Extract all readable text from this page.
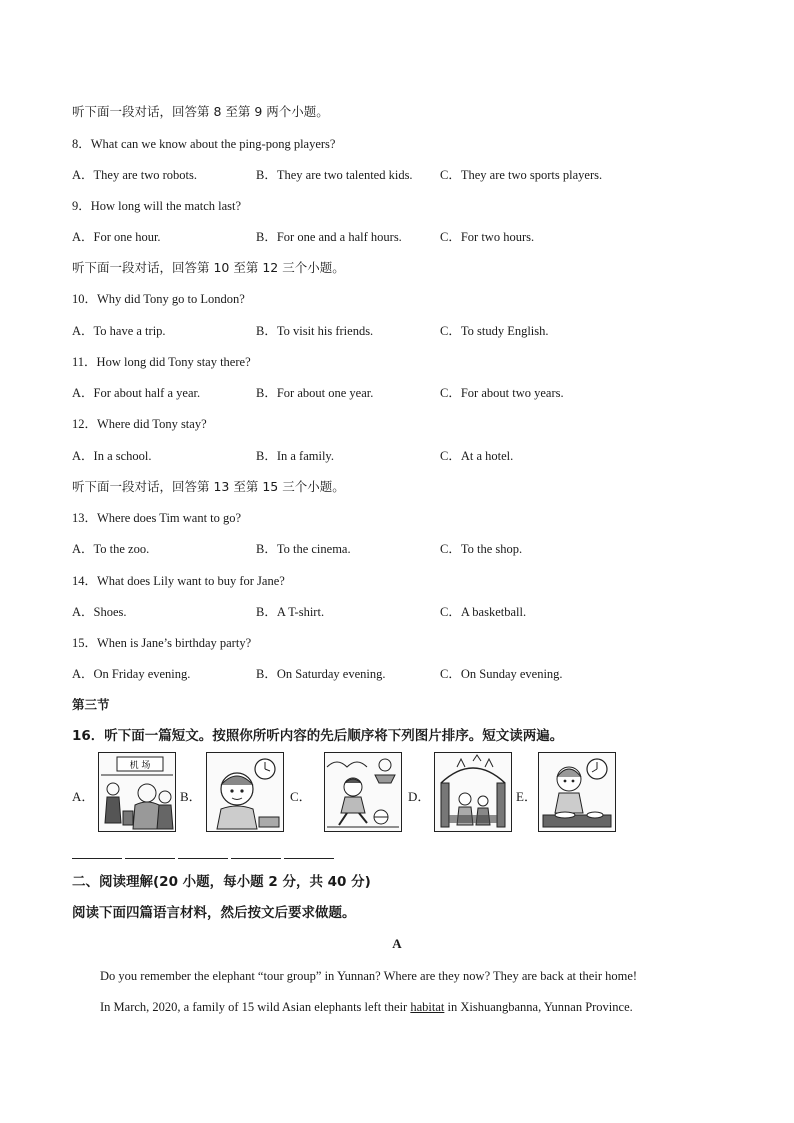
听下面一段对话，回答第 8 至第 9 两个小题。
8．What can we know about the ping-pong players?
A．They are two robots.	B．They are two talented kids. C．They are two sports players.
9．How long will the match last?
A．For one hour.	B．For one and a half hours.	C．For two hours.
听下面一段对话，回答第 10 至第 12 三个小题。
10．Why did Tony go to London?
A．To have a trip.	B．To visit his friends.	C．To study English.
11．How long did Tony stay there?
A．For about half a year.	B．For about one year.	C．For about two years.
12．Where did Tony stay?
A．In a school.	B．In a family.	C．At a hotel.
听下面一段对话，回答第 13 至第 15 三个小题。
13．Where does Tim want to go?
A．To the zoo.	B．To the cinema.	C．To the shop.
14．What does Lily want to buy for Jane?
A．Shoes.	B．A T-shirt.	C．A basketball.
15．When is Jane’s birthday party?
A．On Friday evening.	B．On Saturday evening.	C．On Sunday evening.
第三节
16．听下面一篇短文。按照你所听内容的先后顺序将下列图片排序。短文读两遍。
A．
机 场
B．	C．	D．	E．
二、阅读理解(20 小题，每小题 2 分，共 40 分)
阅读下面四篇语言材料，然后按文后要求做题。
A
Do you remember the elephant “tour group” in Yunnan? Where are they now? They are back at their home!
In March, 2020, a family of 15 wild Asian elephants left their habitat in Xishuangbanna, Yunnan Province.
